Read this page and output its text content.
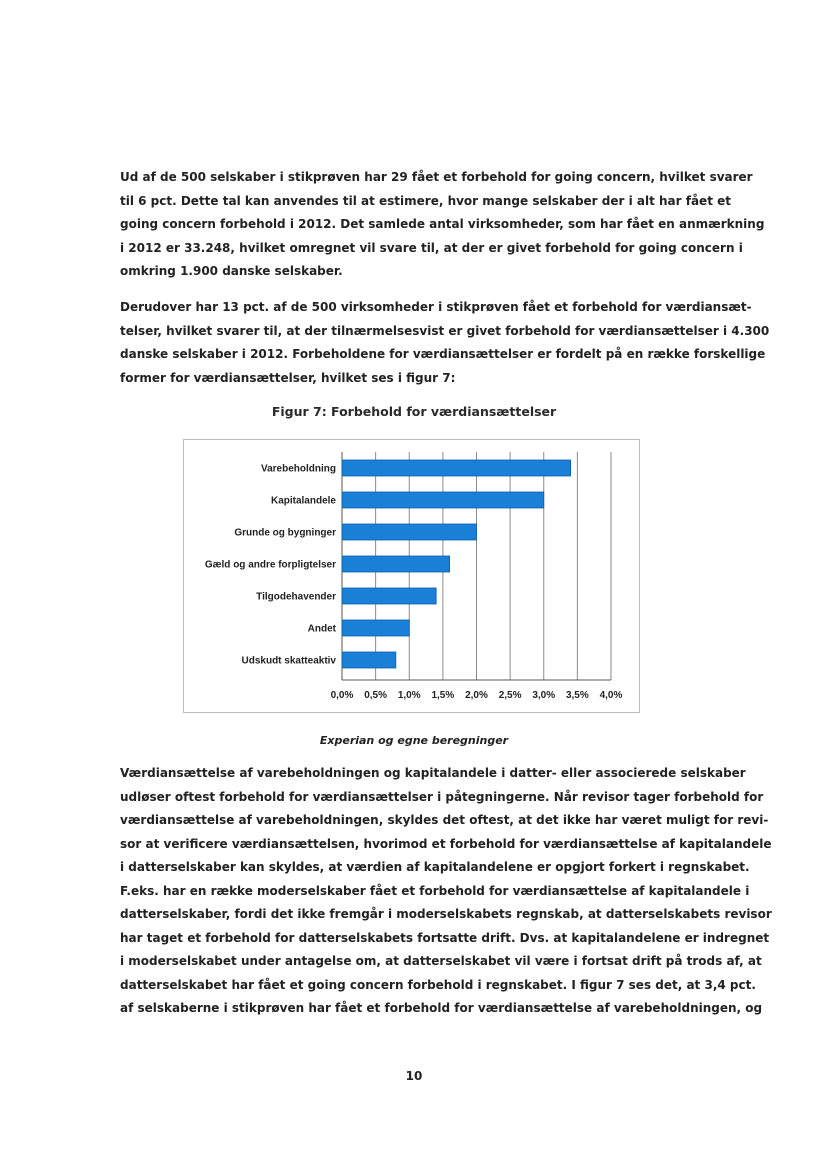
Ud af de 500 selskaber i stikprøven har 29 fået et forbehold for going concern, hvilket svarer
til 6 pct. Dette tal kan anvendes til at estimere, hvor mange selskaber der i alt har fået et
going concern forbehold i 2012. Det samlede antal virksomheder, som har fået en anmærkning
i 2012 er 33.248, hvilket omregnet vil svare til, at der er givet forbehold for going concern i
omkring 1.900 danske selskaber.
Derudover har 13 pct. af de 500 virksomheder i stikprøven fået et forbehold for værdiansæt-
telser, hvilket svarer til, at der tilnærmelsesvist er givet forbehold for værdiansættelser i 4.300
danske selskaber i 2012. Forbeholdene for værdiansættelser er fordelt på en række forskellige
former for værdiansættelser, hvilket ses i figur 7:
Figur 7: Forbehold for værdiansættelser
Varebeholdning
Kapitalandele
Grunde og bygninger
Gæld og andre forpligtelser
Tilgodehavender
Andet
Udskudt skatteaktiv
0,0% 0,5% 1,0% 1,5% 2,0% 2,5% 3,0% 3,5% 4,0%
Experian og egne beregninger
Værdiansættelse af varebeholdningen og kapitalandele i datter- eller associerede selskaber
udløser oftest forbehold for værdiansættelser i påtegningerne. Når revisor tager forbehold for
værdiansættelse af varebeholdningen, skyldes det oftest, at det ikke har været muligt for revi-
sor at verificere værdiansættelsen, hvorimod et forbehold for værdiansættelse af kapitalandele
i datterselskaber kan skyldes, at værdien af kapitalandelene er opgjort forkert i regnskabet.
F.eks. har en række moderselskaber fået et forbehold for værdiansættelse af kapitalandele i
datterselskaber, fordi det ikke fremgår i moderselskabets regnskab, at datterselskabets revisor
har taget et forbehold for datterselskabets fortsatte drift. Dvs. at kapitalandelene er indregnet
i moderselskabet under antagelse om, at datterselskabet vil være i fortsat drift på trods af, at
datterselskabet har fået et going concern forbehold i regnskabet. I figur 7 ses det, at 3,4 pct.
af selskaberne i stikprøven har fået et forbehold for værdiansættelse af varebeholdningen, og
10
